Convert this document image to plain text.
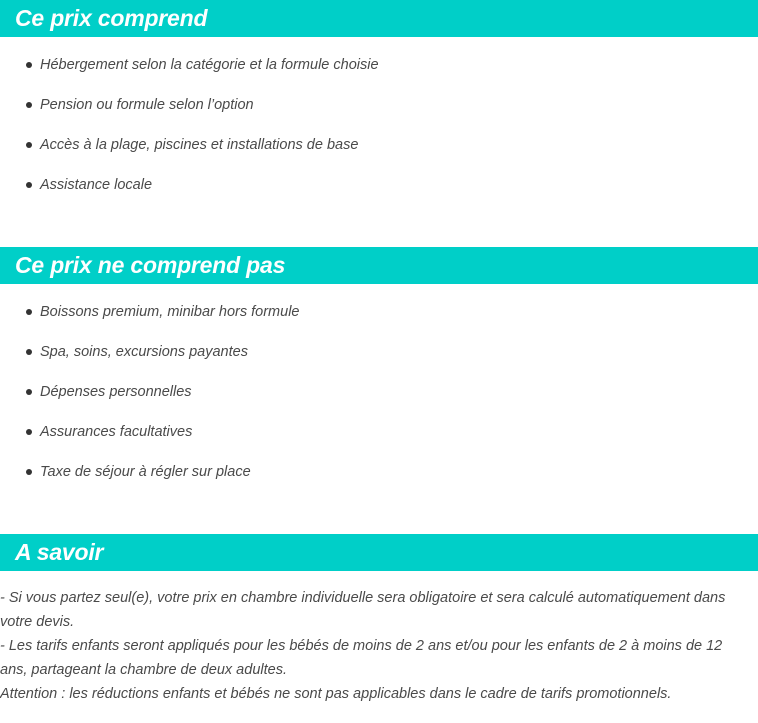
Ce prix comprend
Hébergement selon la catégorie et la formule choisie
Pension ou formule selon l’option
Accès à la plage, piscines et installations de base
Assistance locale
Ce prix ne comprend pas
Boissons premium, minibar hors formule
Spa, soins, excursions payantes
Dépenses personnelles
Assurances facultatives
Taxe de séjour à régler sur place
A savoir

- Si vous partez seul(e), votre prix en chambre individuelle sera obligatoire et sera calculé automatiquement dans votre devis.

- Les tarifs enfants seront appliqués pour les bébés de moins de 2 ans et/ou pour les enfants de 2 à moins de 12 ans, partageant la chambre de deux adultes.

Attention : les réductions enfants et bébés ne sont pas applicables dans le cadre de tarifs promotionnels.
